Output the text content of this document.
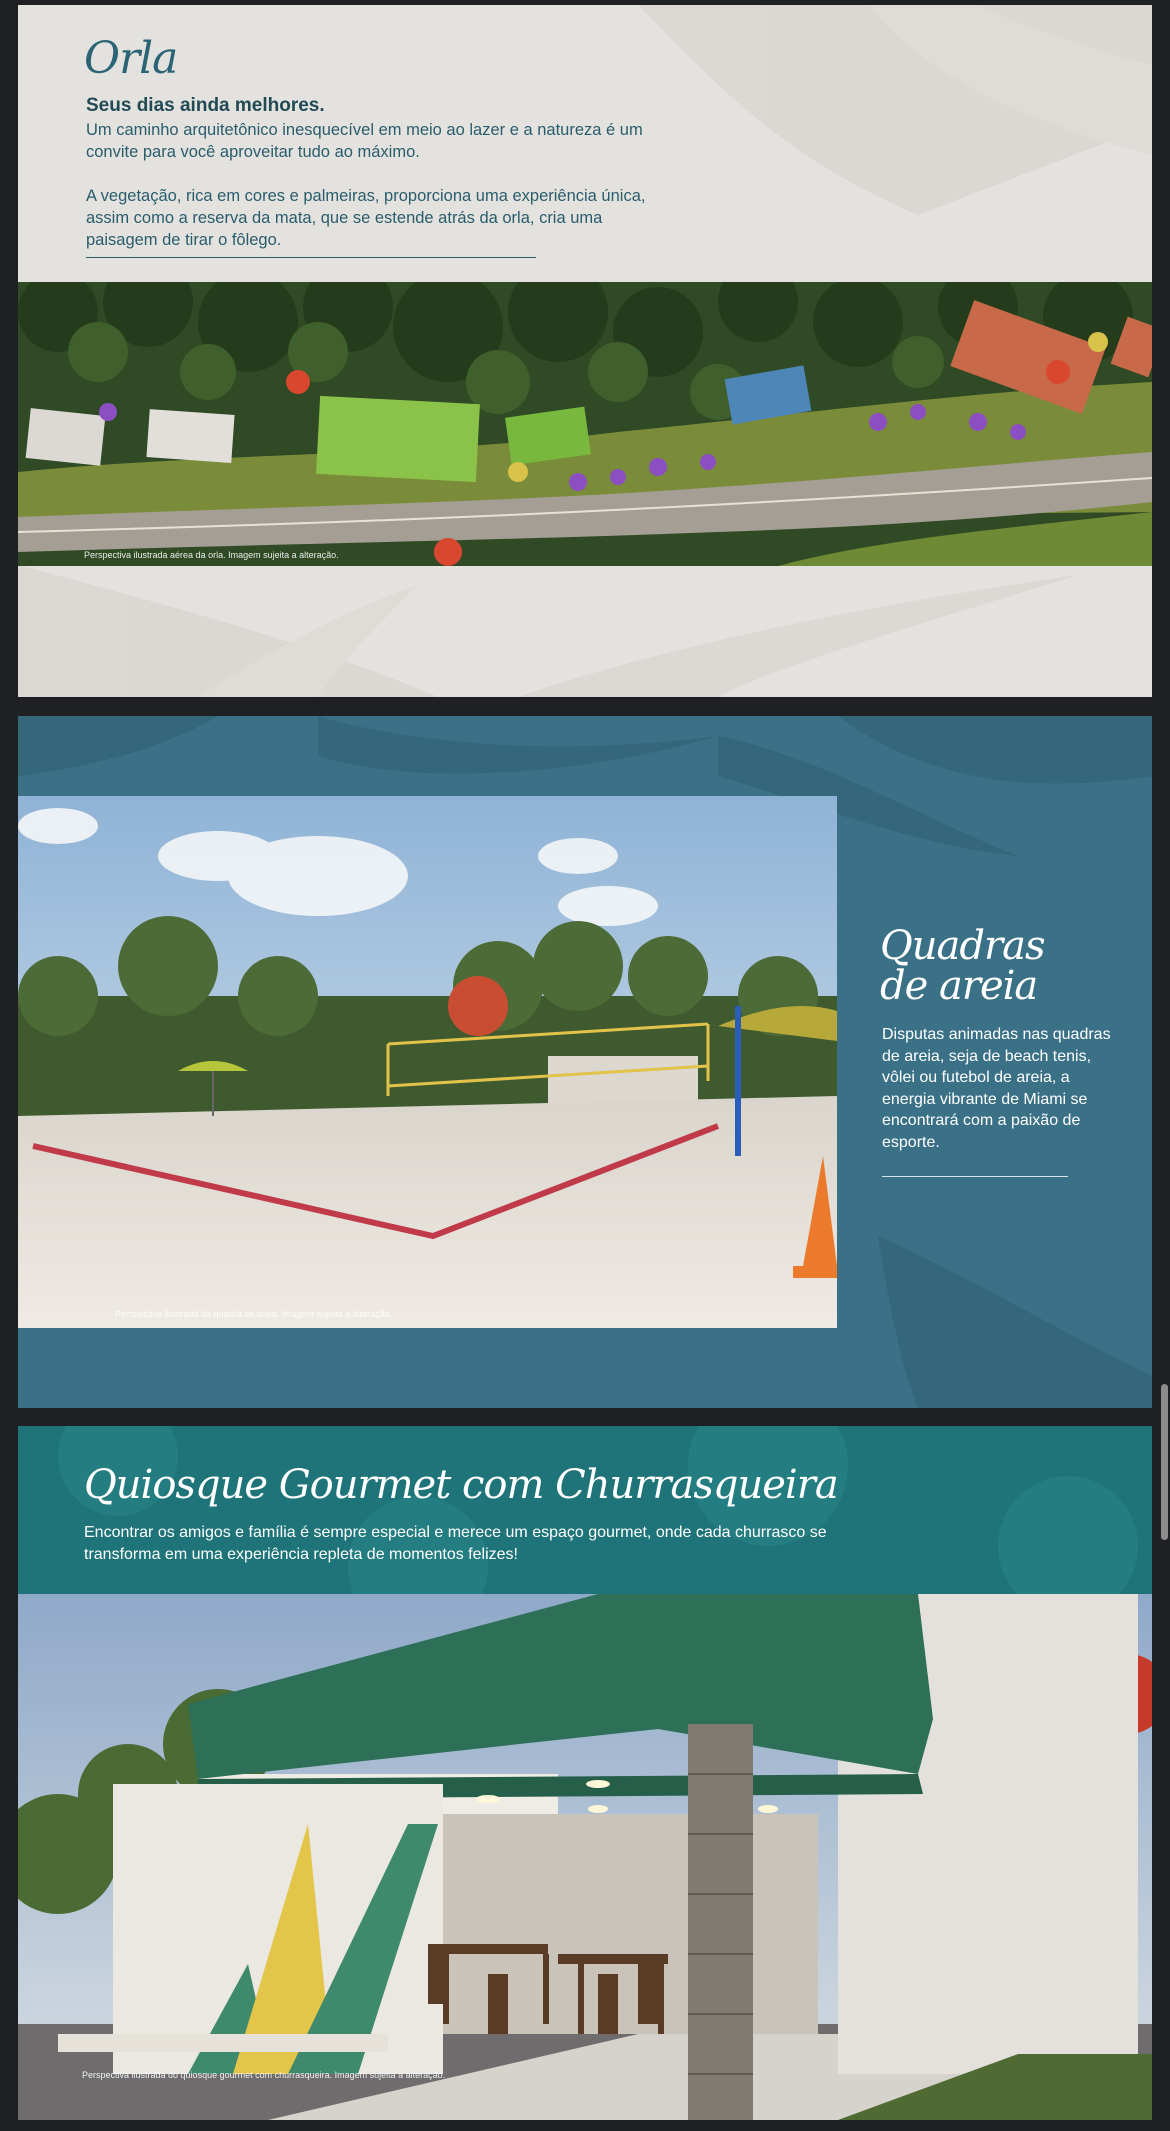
Orla

Seus dias ainda melhores.

Um caminho arquitetônico inesquecível em meio ao lazer e a natureza é um convite para você aproveitar tudo ao máximo.

A vegetação, rica em cores e palmeiras, proporciona uma experiência única, assim como a reserva da mata, que se estende atrás da orla, cria uma paisagem de tirar o fôlego.

Perspectiva ilustrada aérea da orla. Imagem sujeita a alteração.

Perspectiva ilustrada da quadra de areia. Imagem sujeita a alteração.

Quadras
de areia

Disputas animadas nas quadras de areia, seja de beach tenis, vôlei ou futebol de areia, a energia vibrante de Miami se encontrará com a paixão de esporte.

Quiosque Gourmet com Churrasqueira

Encontrar os amigos e família é sempre especial e merece um espaço gourmet, onde cada churrasco se transforma em uma experiência repleta de momentos felizes!

Perspectiva ilustrada do quiosque gourmet com churrasqueira. Imagem sujeita a alteração.
